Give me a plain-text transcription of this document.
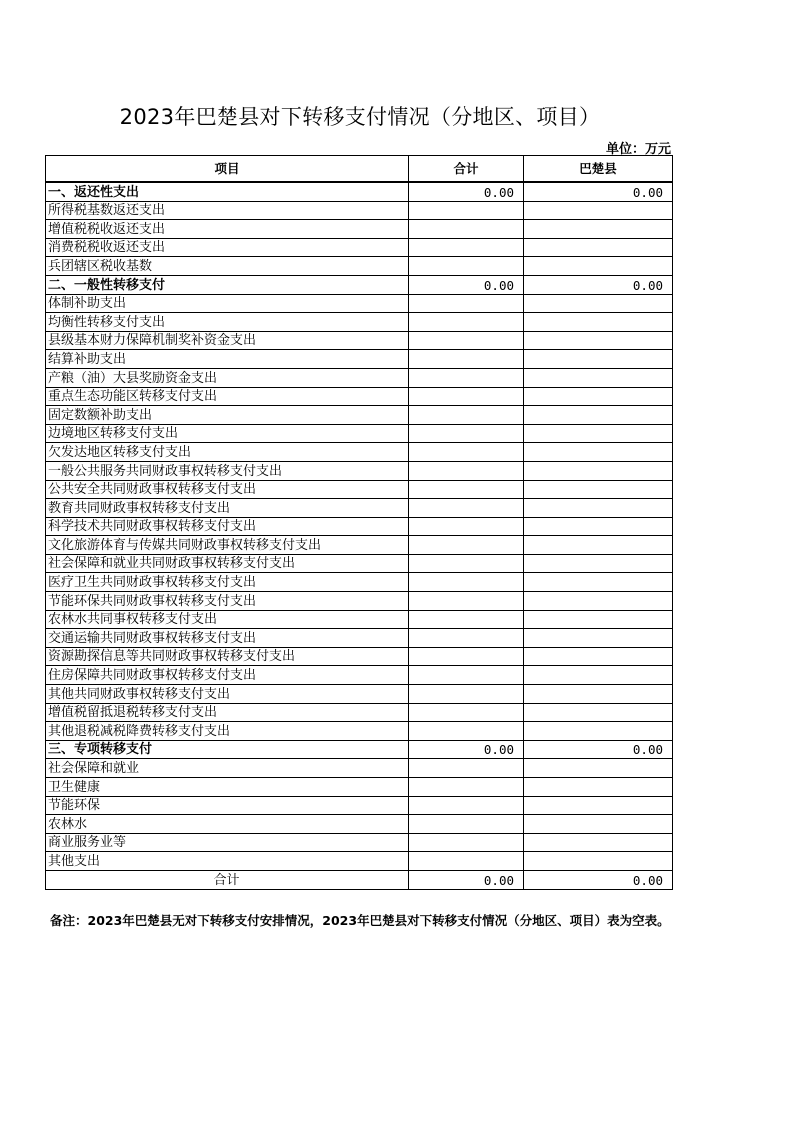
2023年巴楚县对下转移支付情况（分地区、项目）
单位：万元
项目	合计	巴楚县
一、返还性支出	0.00	0.00
所得税基数返还支出		
增值税税收返还支出		
消费税税收返还支出		
兵团辖区税收基数		
二、一般性转移支付	0.00	0.00
体制补助支出		
均衡性转移支付支出		
县级基本财力保障机制奖补资金支出		
结算补助支出		
产粮（油）大县奖励资金支出		
重点生态功能区转移支付支出		
固定数额补助支出		
边境地区转移支付支出		
欠发达地区转移支付支出		
一般公共服务共同财政事权转移支付支出		
公共安全共同财政事权转移支付支出		
教育共同财政事权转移支付支出		
科学技术共同财政事权转移支付支出		
文化旅游体育与传媒共同财政事权转移支付支出		
社会保障和就业共同财政事权转移支付支出		
医疗卫生共同财政事权转移支付支出		
节能环保共同财政事权转移支付支出		
农林水共同事权转移支付支出		
交通运输共同财政事权转移支付支出		
资源勘探信息等共同财政事权转移支付支出		
住房保障共同财政事权转移支付支出		
其他共同财政事权转移支付支出		
增值税留抵退税转移支付支出		
其他退税减税降费转移支付支出		
三、专项转移支付	0.00	0.00
社会保障和就业		
卫生健康		
节能环保		
农林水		
商业服务业等		
其他支出		
合计	0.00	0.00
备注：2023年巴楚县无对下转移支付安排情况，2023年巴楚县对下转移支付情况（分地区、项目）表为空表。
